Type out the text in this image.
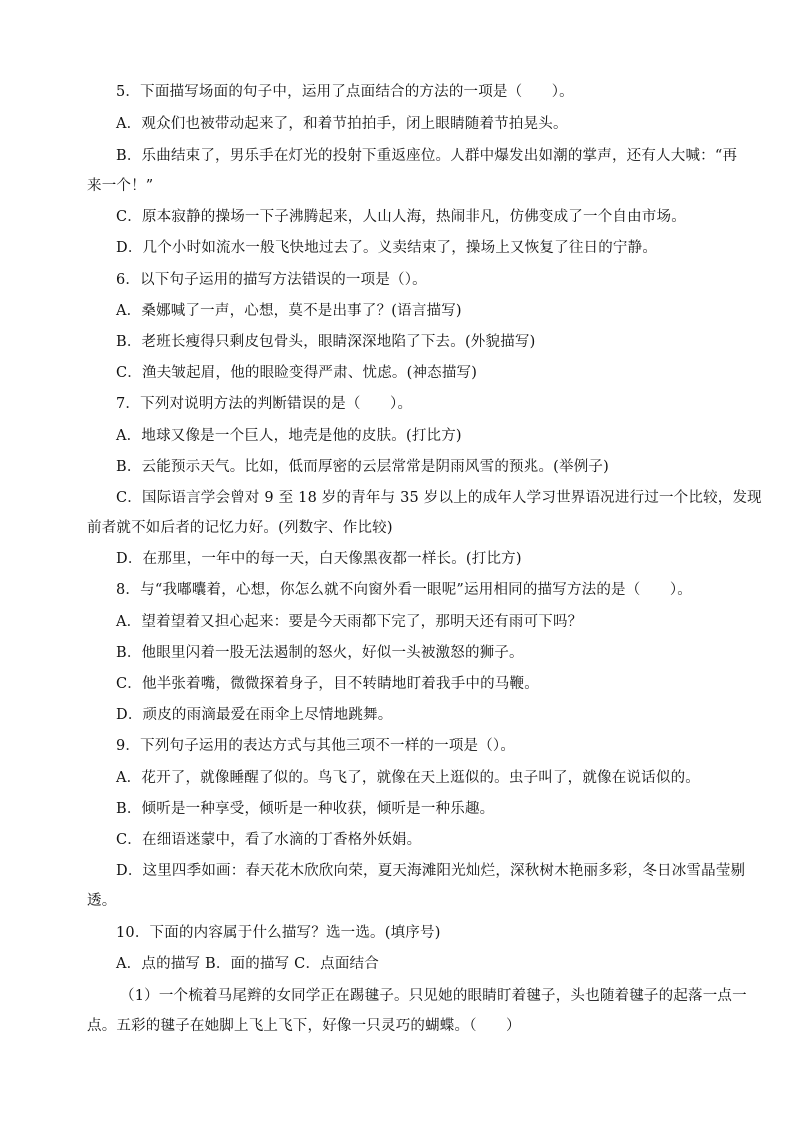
5．下面描写场面的句子中，运用了点面结合的方法的一项是（　　）。
A．观众们也被带动起来了，和着节拍拍手，闭上眼睛随着节拍晃头。
B．乐曲结束了，男乐手在灯光的投射下重返座位。人群中爆发出如潮的掌声，还有人大喊：“再
来一个！”
C．原本寂静的操场一下子沸腾起来，人山人海，热闹非凡，仿佛变成了一个自由市场。
D．几个小时如流水一般飞快地过去了。义卖结束了，操场上又恢复了往日的宁静。
6．以下句子运用的描写方法错误的一项是（）。
A．桑娜喊了一声，心想，莫不是出事了？(语言描写)
B．老班长瘦得只剩皮包骨头，眼睛深深地陷了下去。(外貌描写)
C．渔夫皱起眉，他的眼睑变得严肃、忧虑。(神态描写)
7．下列对说明方法的判断错误的是（　　）。
A．地球又像是一个巨人，地壳是他的皮肤。(打比方)
B．云能预示天气。比如，低而厚密的云层常常是阴雨风雪的预兆。(举例子)
C．国际语言学会曾对 9 至 18 岁的青年与 35 岁以上的成年人学习世界语况进行过一个比较，发现
前者就不如后者的记忆力好。(列数字、作比较)
D．在那里，一年中的每一天，白天像黑夜都一样长。(打比方)
8．与“我嘟囔着，心想，你怎么就不向窗外看一眼呢”运用相同的描写方法的是（　　）。
A．望着望着又担心起来：要是今天雨都下完了，那明天还有雨可下吗？
B．他眼里闪着一股无法遏制的怒火，好似一头被激怒的狮子。
C．他半张着嘴，微微探着身子，目不转睛地盯着我手中的马鞭。
D．顽皮的雨滴最爱在雨伞上尽情地跳舞。
9．下列句子运用的表达方式与其他三项不一样的一项是（）。
A．花开了，就像睡醒了似的。鸟飞了，就像在天上逛似的。虫子叫了，就像在说话似的。
B．倾听是一种享受，倾听是一种收获，倾听是一种乐趣。
C．在细语迷蒙中，看了水滴的丁香格外妖娟。
D．这里四季如画：春天花木欣欣向荣，夏天海滩阳光灿烂，深秋树木艳丽多彩，冬日冰雪晶莹剔
透。
10．下面的内容属于什么描写？选一选。(填序号)
A．点的描写 B．面的描写 C．点面结合
（1）一个梳着马尾辫的女同学正在踢毽子。只见她的眼睛盯着毽子，头也随着毽子的起落一点一
点。五彩的毽子在她脚上飞上飞下，好像一只灵巧的蝴蝶。（　　）
